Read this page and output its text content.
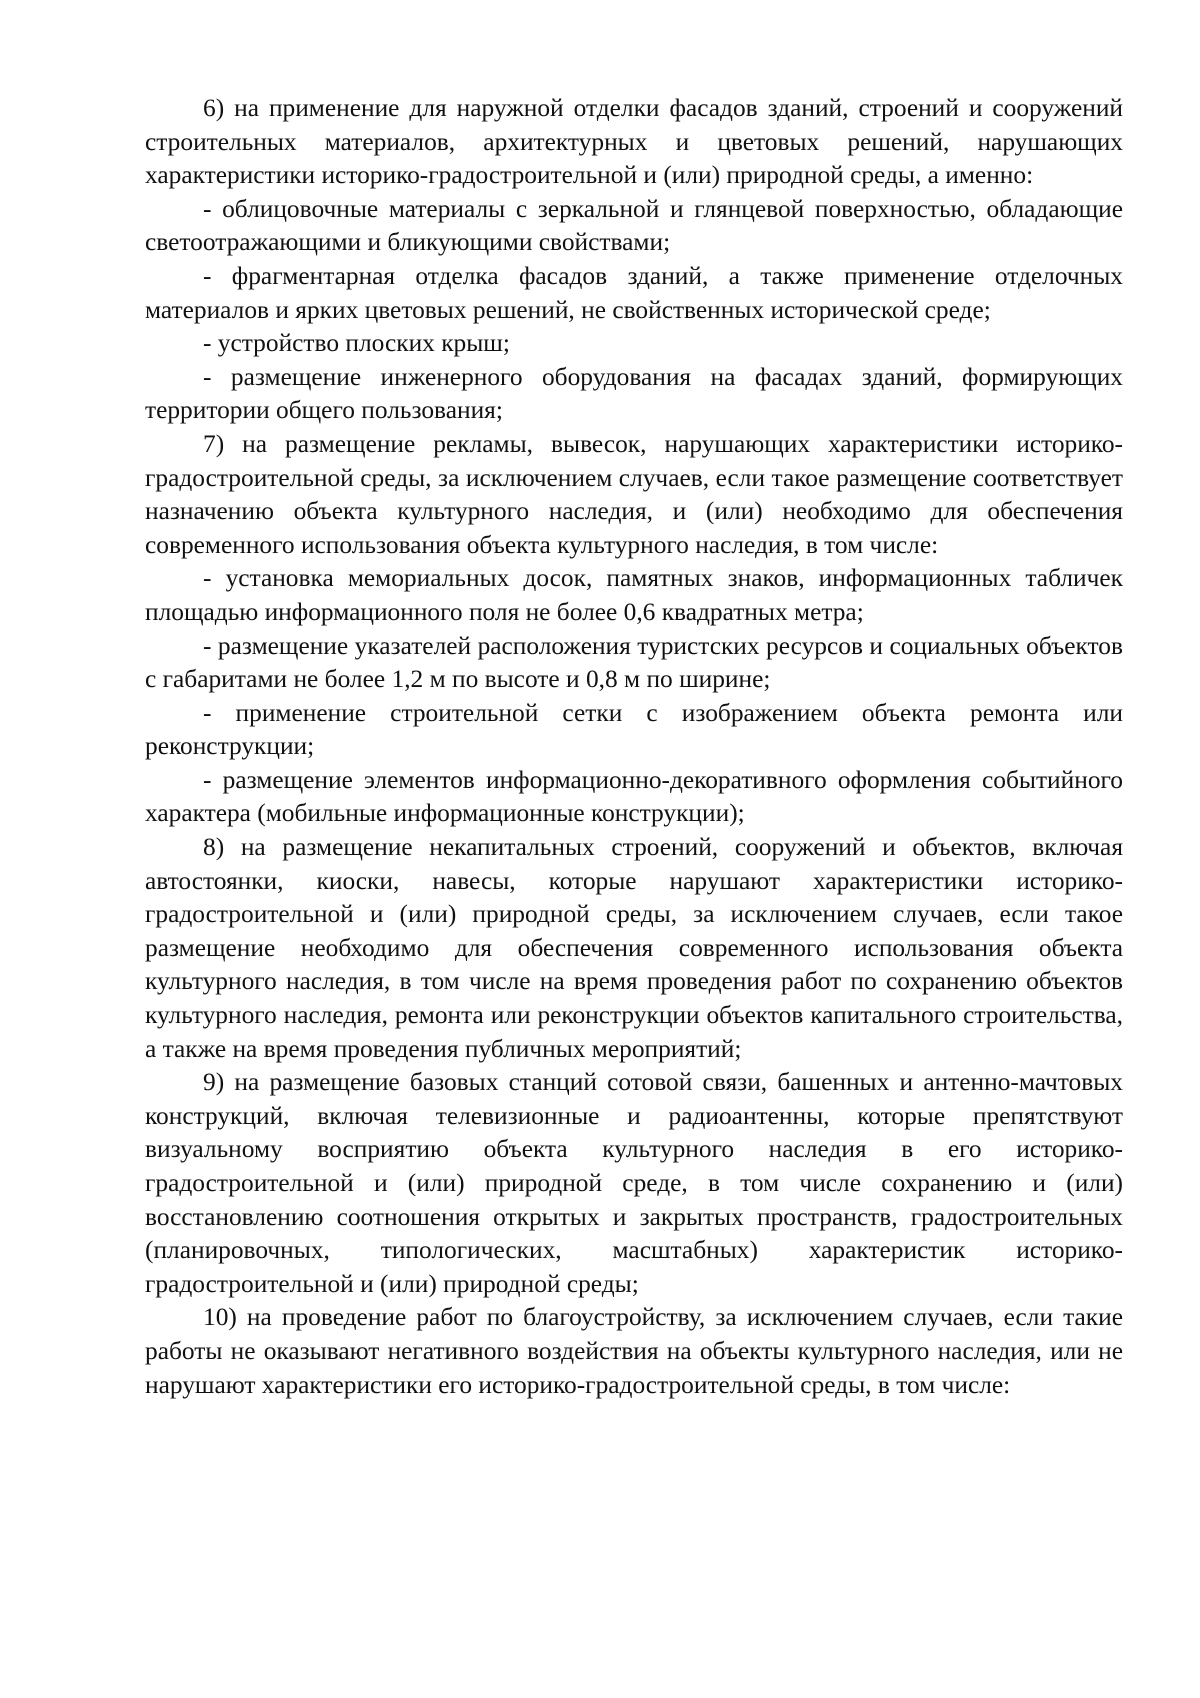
6) на применение для наружной отделки фасадов зданий, строений и сооружений строительных материалов, архитектурных и цветовых решений, нарушающих характеристики историко-градостроительной и (или) природной среды, а именно:

- облицовочные материалы с зеркальной и глянцевой поверхностью, обладающие светоотражающими и бликующими свойствами;

- фрагментарная отделка фасадов зданий, а также применение отделочных материалов и ярких цветовых решений, не свойственных исторической среде;

- устройство плоских крыш;

- размещение инженерного оборудования на фасадах зданий, формирующих территории общего пользования;

7) на размещение рекламы, вывесок, нарушающих характеристики историко-градостроительной среды, за исключением случаев, если такое размещение соответствует назначению объекта культурного наследия, и (или) необходимо для обеспечения современного использования объекта культурного наследия, в том числе:

- установка мемориальных досок, памятных знаков, информационных табличек площадью информационного поля не более 0,6 квадратных метра;

- размещение указателей расположения туристских ресурсов и социальных объектов с габаритами не более 1,2 м по высоте и 0,8 м по ширине;

- применение строительной сетки с изображением объекта ремонта или реконструкции;

- размещение элементов информационно-декоративного оформления событийного характера (мобильные информационные конструкции);

8) на размещение некапитальных строений, сооружений и объектов, включая автостоянки, киоски, навесы, которые нарушают характеристики историко-градостроительной и (или) природной среды, за исключением случаев, если такое размещение необходимо для обеспечения современного использования объекта культурного наследия, в том числе на время проведения работ по сохранению объектов культурного наследия, ремонта или реконструкции объектов капитального строительства, а также на время проведения публичных мероприятий;

9) на размещение базовых станций сотовой связи, башенных и антенно-мачтовых конструкций, включая телевизионные и радиоантенны, которые препятствуют визуальному восприятию объекта культурного наследия в его историко-градостроительной и (или) природной среде, в том числе сохранению и (или) восстановлению соотношения открытых и закрытых пространств, градостроительных (планировочных, типологических, масштабных) характеристик историко-градостроительной и (или) природной среды;

10) на проведение работ по благоустройству, за исключением случаев, если такие работы не оказывают негативного воздействия на объекты культурного наследия, или не нарушают характеристики его историко-градостроительной среды, в том числе:
